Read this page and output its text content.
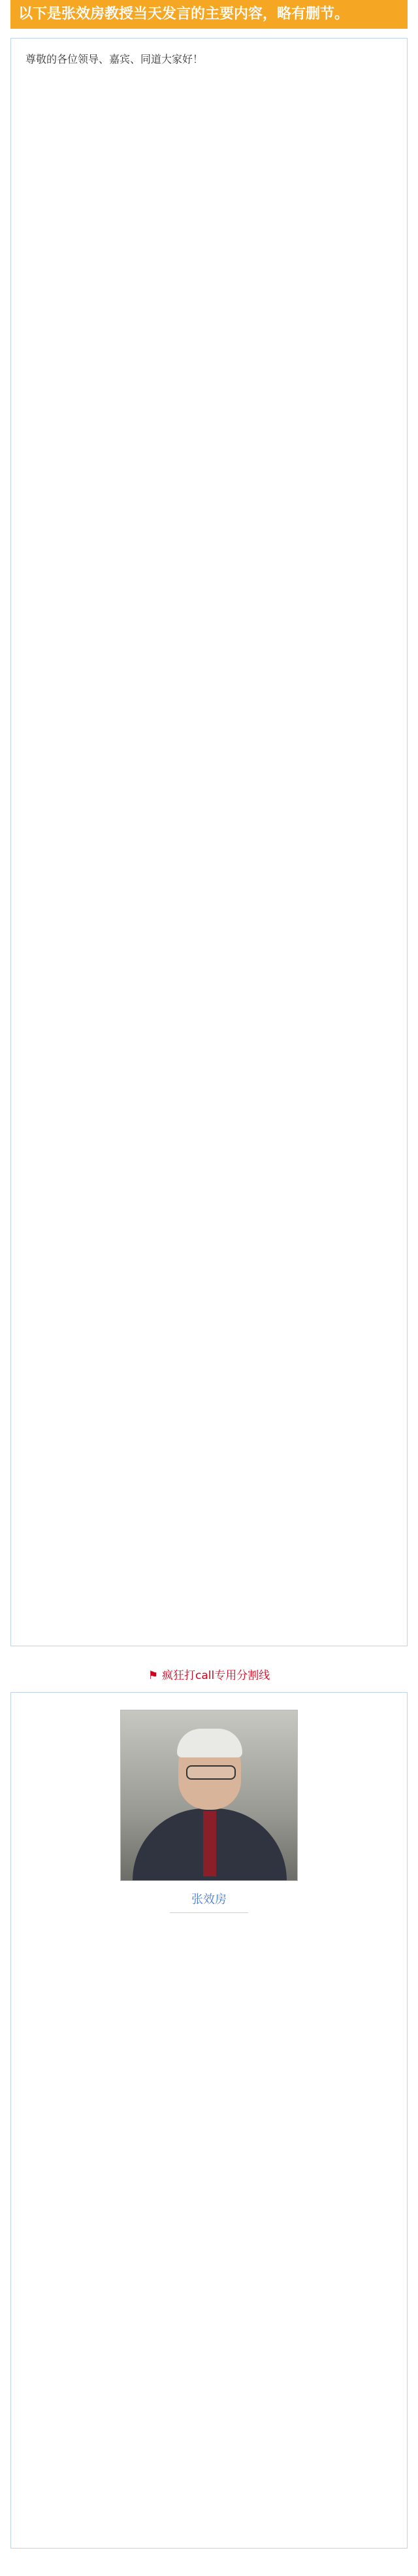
以下是张效房教授当天发言的主要内容，略有删节。

尊敬的各位领导、嘉宾、同道大家好！

⚑ 疯狂打call专用分割线
张效房
